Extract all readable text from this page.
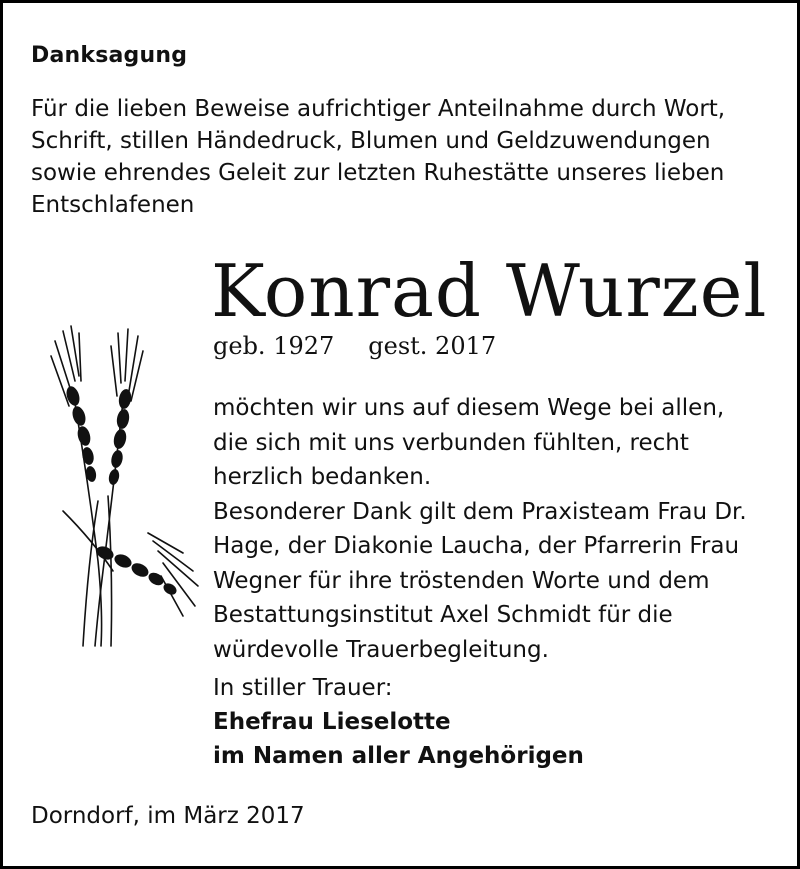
Danksagung
Für die lieben Beweise aufrichtiger Anteilnahme durch Wort,
Schrift, stillen Händedruck, Blumen und Geldzuwendungen
sowie ehrendes Geleit zur letzten Ruhestätte unseres lieben
Entschlafenen
Konrad Wurzel
geb. 1927 gest. 2017
möchten wir uns auf diesem Wege bei allen,
die sich mit uns verbunden fühlten, recht
herzlich bedanken.
Besonderer Dank gilt dem Praxisteam Frau Dr.
Hage, der Diakonie Laucha, der Pfarrerin Frau
Wegner für ihre tröstenden Worte und dem
Bestattungsinstitut Axel Schmidt für die
würdevolle Trauerbegleitung.
In stiller Trauer:
Ehefrau Lieselotte
im Namen aller Angehörigen
Dorndorf, im März 2017
